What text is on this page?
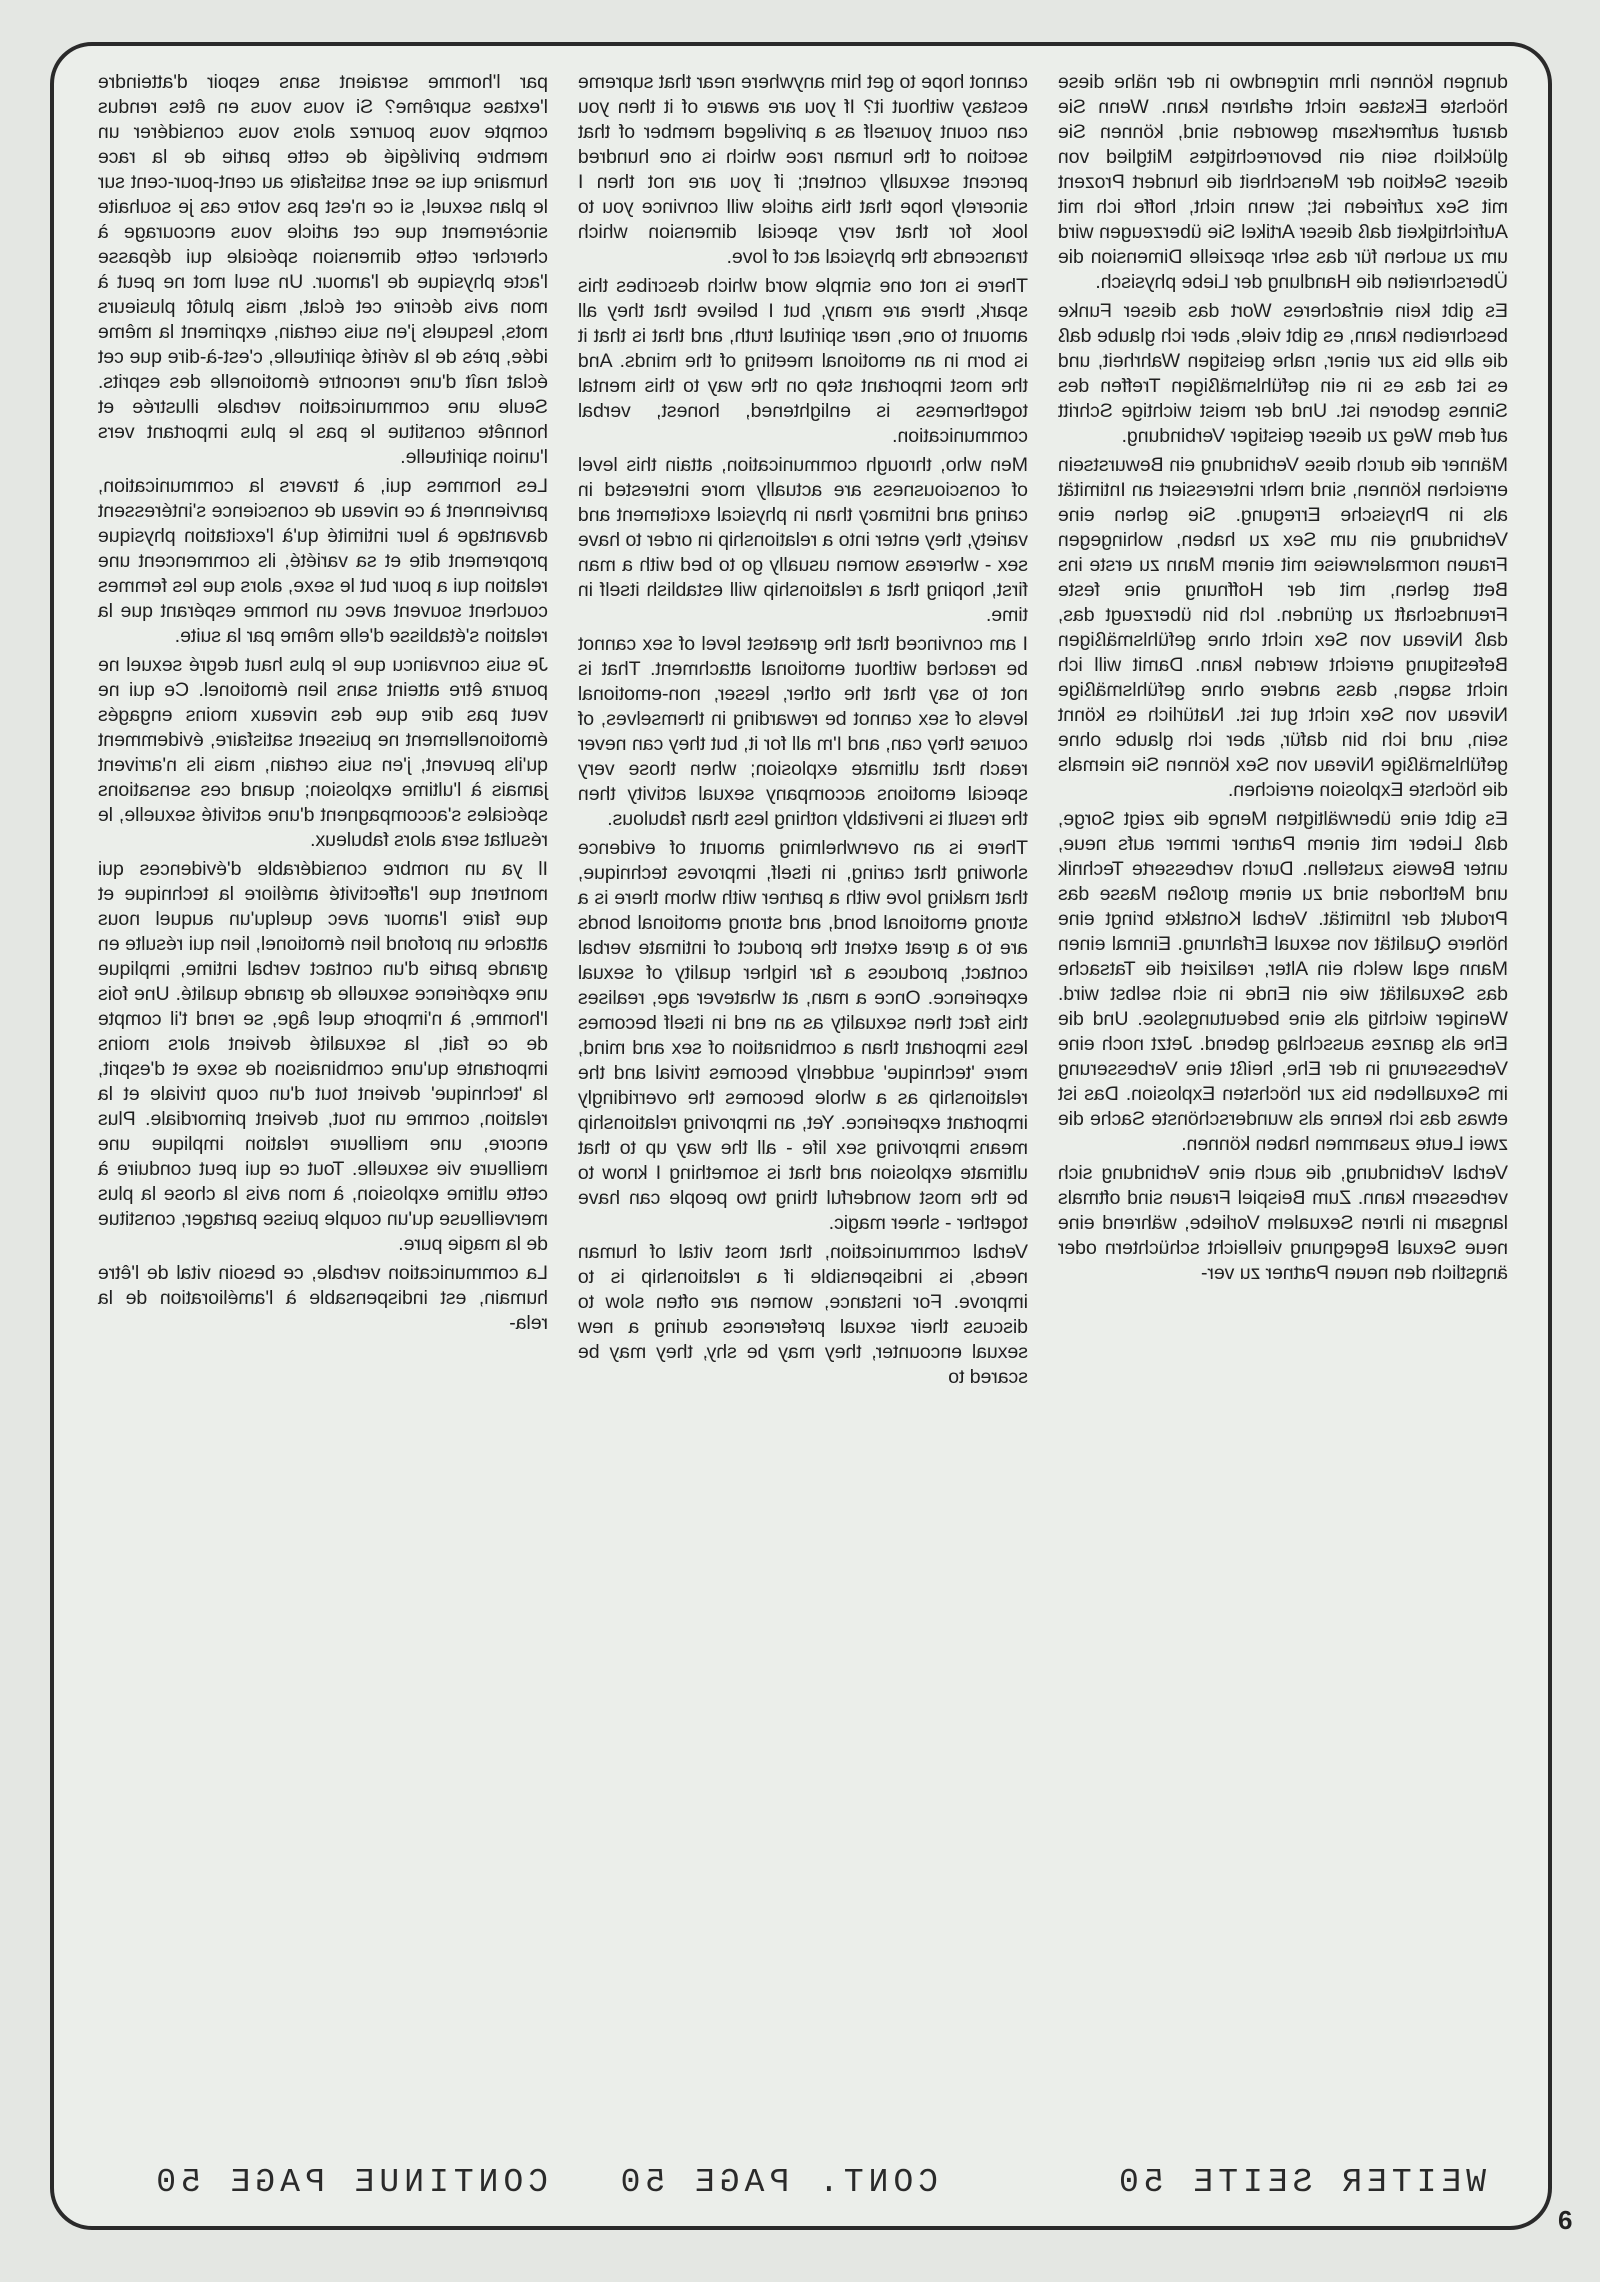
dungen können ihm nirgendwo in der nähe diese höchste Ekstase nicht erfahren kann. Wenn Sie darauf aufmerksam geworden sind, können Sie glücklich sein ein bevorrechtigtes Mitglied von dieser Sektion der Menschheit die hundert Prozent mit Sex zufrieden ist; wenn nicht, hoffe ich mit Aufrichtigkeit daß dieser Artikel Sie überzeugen wird um zu suchen für das sehr spezielle Dimension die Überschreiten die Handlung der Liebe physisch.

Es gibt kein einfacheres Wort das dieser Funke beschreiben kann, es gibt viele, aber ich glaube daß die alle bis zur einer, nahe geistigen Wahrheit, und es ist das es in ein gefühlsmäßigen Treffen des Sinnes geboren ist. Und der meist wichtige Schritt auf dem Weg zu dieser geistiger Verbindung.

Männer die durch diese Verbindung ein Bewurstsein erreichen können, sind mehr interessiert an Intimität als in Physische Erregung. Sie gehen eine Verbindung ein um Sex zu haben, wohingegen Frauen normalerweise mit einem Mann zu erste ins Bett gehen, mit der Hoffnung eine feste Freundschaft zu gründen. Ich bin überzeugt das, daß Niveau von Sex nicht ohne gefühlsmäßigen Befestigung erreicht werden kann. Damit will ich nicht sagen, dass andere ohne gefühlsmäßige Niveau von Sex nicht gut ist. Natürlich es könnt sein, und ich bin dafür, aber ich glaube ohne gefühlsmäßige Niveau von Sex können Sie niemals die höchste Explosion erreichen.

Es gibt eine überwältigten Menge die zeigt Sorge, daß Lieber mit einem Partner immer aufs neue, unter Beweis zustellen. Durch verbesserte Technik und Methoden sind zu einem großen Masse das Produkt der Intimität. Verbal Kontakte bringt eine höhere Qualität von sexual Erfahrung. Einmal einen Mann egal welch ein Alter, realiziert die Tatsache das Sexualität wie ein Ende in sich selbst wird. Weniger wichtig als eine bedeutungslose. Und die Ehe als ganzes ausschlag gebend. Jetzt noch eine Verbesserung in der Ehe, heißt eine Verbesserung im Sexualleben bis zur höchsten Explosion. Das ist etwas das ich kenne als wunderschönste Sache die zwei Leute zusammen haben können.

Verbal Verbindung, die auch eine Verbindung sich verbessern kann. Zum Beispiel Frauen sind oftmals langsam in ihren Sexualem Vorliebe, während eine neue Sexual Begegnung vielleicht schüchtern oder ängstlich den neuen Partner zu ver-

cannot hope to get him anywhere near that supreme ecstasy without it? If you are aware of it then you can count yourself as a privileged member of that section of the human race which is one hundred percent sexually content; if you are not then I sincerely hope that this article will convince you to look for that very special dimension which transcends the physical act of love.

There is not one simple word which describes this spark, there are many, but I believe that they all amount to one, near spiritual truth, and that is that it is born in an emotional meeting of the minds. And the most important step on the way to this mental togetherness is enlightened, honest, verbal communication.

Men who, through communication, attain this level of consciousness are actually more interested in caring and intimacy than in physical excitement and variety, they enter into a relationship in order to have sex - whereas women usually go to bed with a man first, hoping that a relationship will establish itself in time.

I am convinced that the greatest level of sex cannot be reached without emotional attachment. That is not to say that the other, lesser, non-emotional levels of sex cannot be rewarding in themselves, of course they can, and I'm all for it, but they can never reach that ultimate explosion; when those very special emotions accompany sexual activity then the result is inevitably nothing less than fabulous.

There is an overwhelming amount of evidence showing that caring, in itself, improves technique, that making love with a partner with whom there is a strong emotional bond, and strong emotional bonds are to a great extent the product of intimate verbal contact, produces a far higher quality of sexual experience. Once a man, at whatever age, realises this fact then sexuality as an end in itself becomes less important than a combination of sex and mind, mere 'technique' suddenly becomes trivial and the relationship as a whole becomes the overridingly important experience. Yet, an improving relationship means improving sex life - all the way up to that ultimate explosion and that is something I know to be the most wonderful thing two people can have together - sheer magic.

Verbal communication, that most vital of human needs, is indispensible if a relationship is to improve. For instance, women are often slow to discuss their sexual preferences during a new sexual encounter, they may be shy, they may be scared to

par l'homme seraient sans espoir d'atteindre l'extase suprême? Si vous vous en êtes rendus compte vous pourrez alors vous considérer un membre privilégié de cette partie de la race humaine qui se sent satisfaite au cent-pour-cent sur le plan sexuel, si ce n'est pas votre cas je souhaite sincèrement que cet article vous encourage à chercher cette dimension spéciale qui dépasse l'acte physique de l'amour. Un seul mot ne peut à mon avis décrire cet éclat, mais plutôt plusieurs mots, lesquels j'en suis certain, expriment la même idée, près de la vérité spirituelle, c'est-à-dire que cet éclat naît d'une rencontre émotionelle des esprits. Seule une communication verbale illustrée et honnête constitue le pas le plus important vers l'union spirituelle.

Les hommes qui, à travers la communication, parviennent à ce niveau de conscience s'intéressent davantage à leur intimité qu'à l'excitation physique proprement dite et sa variété, ils commencent une relation qui a pour but le sexe, alors que les femmes couchent souvent avec un homme espérant que la relation s'établisse d'elle même par la suite.

Je suis convaincu que le plus haut degré sexuel ne pourra être atteint sans lien émotionel. Ce qui ne veut pas dire que des niveaux moins engagés émotionellement ne puissent satisfaire, évidemment qu'ils peuvent, j'en suis certain, mais ils n'arrivent jamais à l'ultime explosion; quand ces sensations spéciales s'accompagnent d'une activité sexuelle, le résultat sera alors fabuleux.

Il ya un nombre considérable d'évidences qui montrent que l'affectivité améliore la technique et que faire l'amour avec quelqu'un auquel nous attache un profond lien émotionel, lien qui résulte en grande partie d'un contact verbal intime, implique une expérience sexuelle de grande qualité. Une fois l'homme, à n'importe quel âge, se rend t'il compte de ce fait, la sexualité devient alors moins importante qu'une combinaison de sexe et d'esprit, la 'technique' devient tout d'un coup triviale et la relation, comme un tout, devient primordiale. Plus encore, une meilleure relation implique une meilleure vie sexuelle. Tout ce qui peut conduire à cette ultime explosion, à mon avis la chose la plus merveilleuse qu'un couple puisse partager, constitue de la magie pure.

La communication verbale, ce besoin vital de l'être humain, est indispensable à l'amélioration de la rela-

WEITER SEITE 50
CONT. PAGE 50
CONTINUE PAGE 50
6
